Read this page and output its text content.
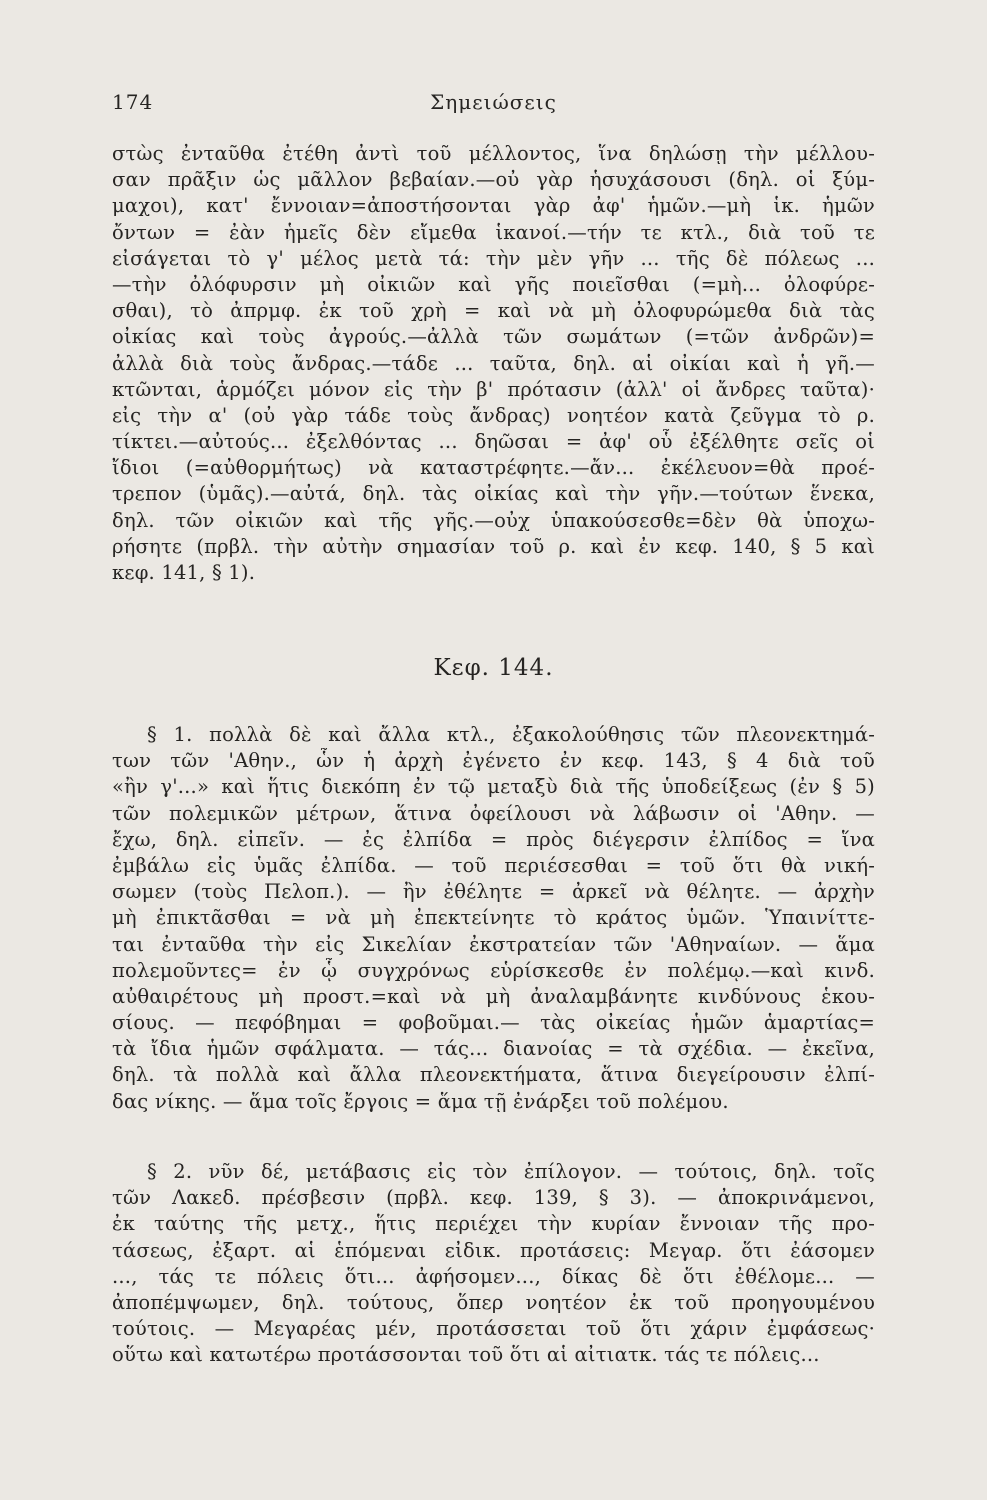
174	Σημειώσεις
στὼς ἐνταῦθα ἐτέθη ἀντὶ τοῦ μέλλοντος, ἵνα δηλώσῃ τὴν μέλλου-
σαν πρᾶξιν ὡς μᾶλλον βεβαίαν.—οὐ γὰρ ἡσυχάσουσι (δηλ. οἱ ξύμ-
μαχοι), κατ' ἔννοιαν=ἀποστήσονται γὰρ ἀφ' ἡμῶν.—μὴ ἱκ. ἡμῶν
ὄντων = ἐὰν ἡμεῖς δὲν εἴμεθα ἱκανοί.—τήν τε κτλ., διὰ τοῦ τε
εἰσάγεται τὸ γ' μέλος μετὰ τά: τὴν μὲν γῆν ... τῆς δὲ πόλεως ...
—τὴν ὀλόφυρσιν μὴ οἰκιῶν καὶ γῆς ποιεῖσθαι (=μὴ... ὀλοφύρε-
σθαι), τὸ ἀπρμφ. ἐκ τοῦ χρὴ = καὶ νὰ μὴ ὀλοφυρώμεθα διὰ τὰς
οἰκίας καὶ τοὺς ἀγρούς.—ἀλλὰ τῶν σωμάτων (=τῶν ἀνδρῶν)=
ἀλλὰ διὰ τοὺς ἄνδρας.—τάδε ... ταῦτα, δηλ. αἱ οἰκίαι καὶ ἡ γῆ.—
κτῶνται, ἁρμόζει μόνον εἰς τὴν β' πρότασιν (ἀλλ' οἱ ἄνδρες ταῦτα)·
εἰς τὴν α' (οὐ γὰρ τάδε τοὺς ἄνδρας) νοητέον κατὰ ζεῦγμα τὸ ρ.
τίκτει.—αὐτούς... ἐξελθόντας ... δηῶσαι = ἀφ' οὗ ἐξέλθητε σεῖς οἱ
ἴδιοι (=αὐθορμήτως) νὰ καταστρέφητε.—ἄν... ἐκέλευον=θὰ προέ-
τρεπον (ὑμᾶς).—αὐτά, δηλ. τὰς οἰκίας καὶ τὴν γῆν.—τούτων ἕνεκα,
δηλ. τῶν οἰκιῶν καὶ τῆς γῆς.—οὐχ ὑπακούσεσθε=δὲν θὰ ὑποχω-
ρήσητε (πρβλ. τὴν αὐτὴν σημασίαν τοῦ ρ. καὶ ἐν κεφ. 140, § 5 καὶ
κεφ. 141, § 1).
Κεφ. 144.
§ 1. πολλὰ δὲ καὶ ἄλλα κτλ., ἐξακολούθησις τῶν πλεονεκτημά-
των τῶν 'Αθην., ὧν ἡ ἀρχὴ ἐγένετο ἐν κεφ. 143, § 4 διὰ τοῦ
«ἢν γ'...» καὶ ἥτις διεκόπη ἐν τῷ μεταξὺ διὰ τῆς ὑποδείξεως (ἐν § 5)
τῶν πολεμικῶν μέτρων, ἅτινα ὀφείλουσι νὰ λάβωσιν οἱ 'Αθην. —
ἔχω, δηλ. εἰπεῖν. — ἐς ἐλπίδα = πρὸς διέγερσιν ἐλπίδος = ἵνα
ἐμβάλω εἰς ὑμᾶς ἐλπίδα. — τοῦ περιέσεσθαι = τοῦ ὅτι θὰ νική-
σωμεν (τοὺς Πελοπ.). — ἢν ἐθέλητε = ἀρκεῖ νὰ θέλητε. — ἀρχὴν
μὴ ἐπικτᾶσθαι = νὰ μὴ ἐπεκτείνητε τὸ κράτος ὑμῶν. Ὑπαινίττε-
ται ἐνταῦθα τὴν εἰς Σικελίαν ἐκστρατείαν τῶν 'Αθηναίων. — ἅμα
πολεμοῦντες= ἐν ᾧ συγχρόνως εὑρίσκεσθε ἐν πολέμῳ.—καὶ κινδ.
αὐθαιρέτους μὴ προστ.=καὶ νὰ μὴ ἀναλαμβάνητε κινδύνους ἑκου-
σίους. — πεφόβημαι = φοβοῦμαι.— τὰς οἰκείας ἡμῶν ἁμαρτίας=
τὰ ἴδια ἡμῶν σφάλματα. — τάς... διανοίας = τὰ σχέδια. — ἐκεῖνα,
δηλ. τὰ πολλὰ καὶ ἄλλα πλεονεκτήματα, ἅτινα διεγείρουσιν ἐλπί-
δας νίκης. — ἅμα τοῖς ἔργοις = ἅμα τῇ ἐνάρξει τοῦ πολέμου.
§ 2. νῦν δέ, μετάβασις εἰς τὸν ἐπίλογον. — τούτοις, δηλ. τοῖς
τῶν Λακεδ. πρέσβεσιν (πρβλ. κεφ. 139, § 3). — ἀποκρινάμενοι,
ἐκ ταύτης τῆς μετχ., ἥτις περιέχει τὴν κυρίαν ἔννοιαν τῆς προ-
τάσεως, ἐξαρτ. αἱ ἑπόμεναι εἰδικ. προτάσεις: Μεγαρ. ὅτι ἐάσομεν
..., τάς τε πόλεις ὅτι... ἀφήσομεν..., δίκας δὲ ὅτι ἐθέλομε... —
ἀποπέμψωμεν, δηλ. τούτους, ὅπερ νοητέον ἐκ τοῦ προηγουμένου
τούτοις. — Μεγαρέας μέν, προτάσσεται τοῦ ὅτι χάριν ἐμφάσεως·
οὕτω καὶ κατωτέρω προτάσσονται τοῦ ὅτι αἱ αἰτιατκ. τάς τε πόλεις...
